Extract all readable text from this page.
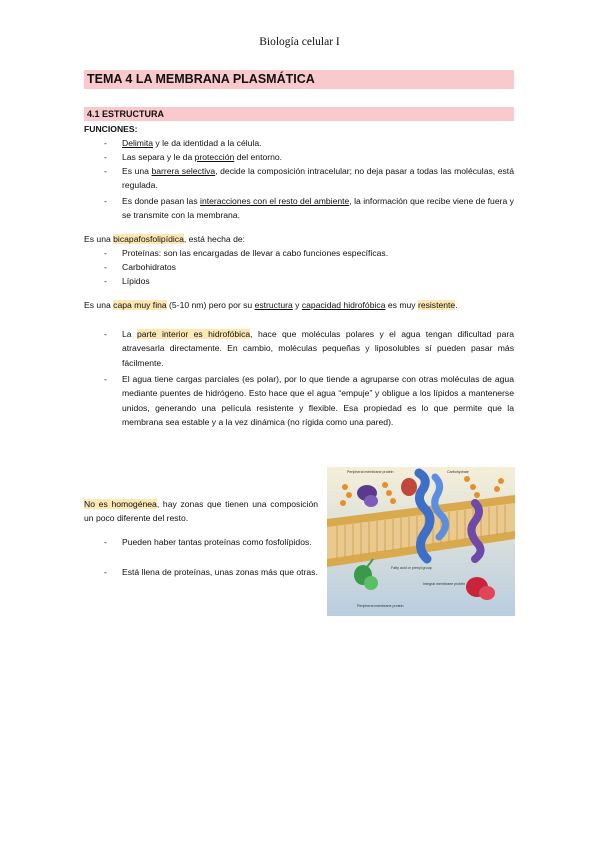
Biología celular I
TEMA 4 LA MEMBRANA PLASMÁTICA
4.1 ESTRUCTURA
FUNCIONES:
- Delimita y le da identidad a la célula.
- Las separa y le da protección del entorno.
- Es una barrera selectiva, decide la composición intracelular; no deja pasar a todas las moléculas, está regulada.
- Es donde pasan las interacciones con el resto del ambiente, la información que recibe viene de fuera y se transmite con la membrana.
Es una bicapafosfolipídica, está hecha de:
- Proteínas: son las encargadas de llevar a cabo funciones específicas.
- Carbohidratos
- Lípidos
Es una capa muy fina (5-10 nm) pero por su estructura y capacidad hidrofóbica es muy resistente.
- La parte interior es hidrofóbica, hace que moléculas polares y el agua tengan dificultad para atravesarla directamente. En cambio, moléculas pequeñas y liposolubles sí pueden pasar más fácilmente.
- El agua tiene cargas parciales (es polar), por lo que tiende a agruparse con otras moléculas de agua mediante puentes de hidrógeno. Esto hace que el agua “empuje” y obligue a los lípidos a mantenerse unidos, generando una película resistente y flexible. Esa propiedad es lo que permite que la membrana sea estable y a la vez dinámica (no rígida como una pared).
No es homogénea, hay zonas que tienen una composición un poco diferente del resto.
- Pueden haber tantas proteínas como fosfolípidos.
- Está llena de proteínas, unas zonas más que otras.
Peripheral membrane protein	Carbohydrate
Fatty acid or prenyl group
Integral membrane protein
Peripheral membrane protein
